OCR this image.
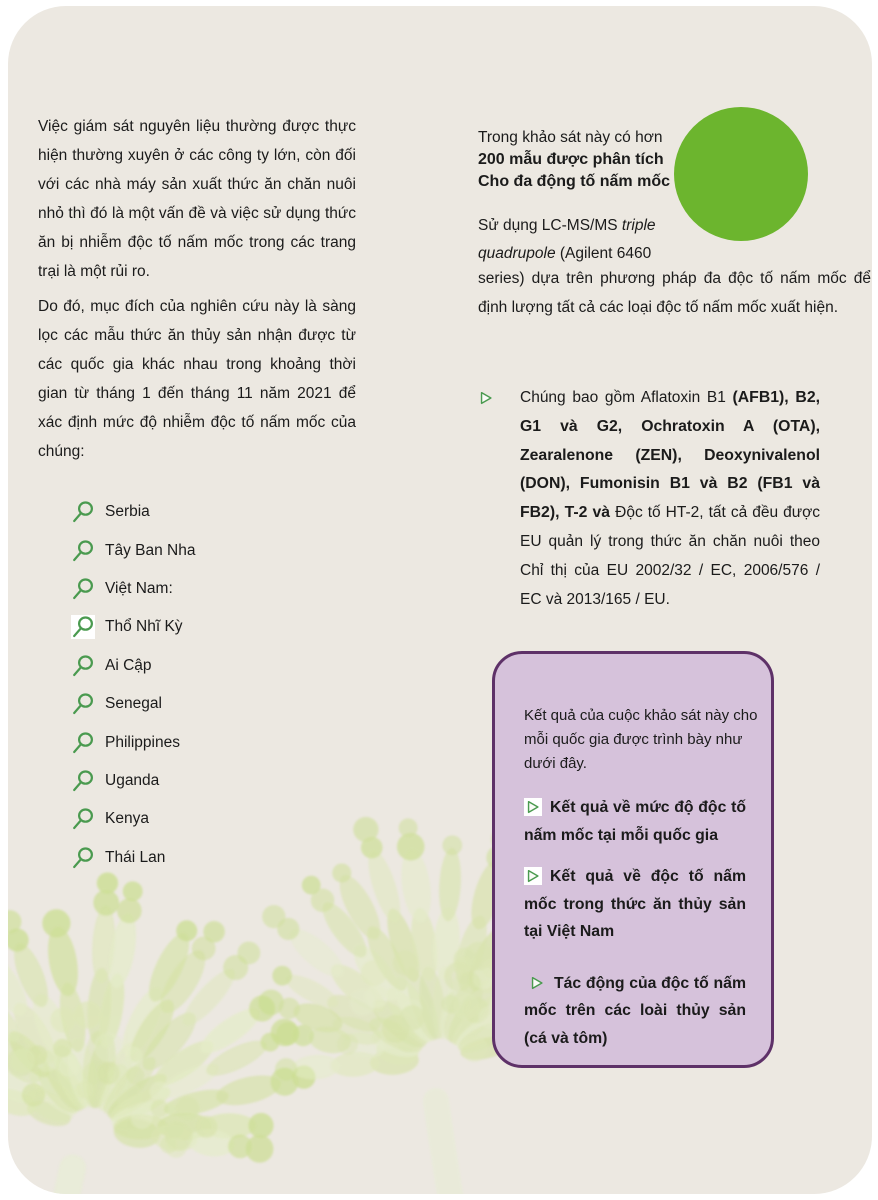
Việc giám sát nguyên liệu thường được thực hiện thường xuyên ở các công ty lớn, còn đối với các nhà máy sản xuất thức ăn chăn nuôi nhỏ thì đó là một vấn đề và việc sử dụng thức ăn bị nhiễm độc tố nấm mốc trong các trang trại là một rủi ro.

Do đó, mục đích của nghiên cứu này là sàng lọc các mẫu thức ăn thủy sản nhận được từ các quốc gia khác nhau trong khoảng thời gian từ tháng 1 đến tháng 11 năm 2021 để xác định mức độ nhiễm độc tố nấm mốc của chúng:

Serbia
Tây Ban Nha
Việt Nam:
Thổ Nhĩ Kỳ
Ai Cập
Senegal
Philippines
Uganda
Kenya
Thái Lan
Trong khảo sát này có hơn
200 mẫu được phân tích
Cho đa động tố nấm mốc
Sử dụng LC-MS/MS triple quadrupole (Agilent 6460
series) dựa trên phương pháp đa độc tố nấm mốc để định lượng tất cả các loại độc tố nấm mốc xuất hiện.
Chúng bao gồm Aflatoxin B1 (AFB1), B2, G1 và G2, Ochratoxin A (OTA), Zearalenone (ZEN), Deoxynivalenol (DON), Fumonisin B1 và B2 (FB1 và FB2), T-2 và Độc tố HT-2, tất cả đều được EU quản lý trong thức ăn chăn nuôi theo Chỉ thị của EU 2002/32 / EC, 2006/576 / EC và 2013/165 / EU.

Kết quả của cuộc khảo sát này cho mỗi quốc gia được trình bày như dưới đây.

Kết quả về mức độ độc tố nấm mốc tại mỗi quốc gia
Kết quả về độc tố nấm mốc trong thức ăn thủy sản tại Việt Nam
Tác động của độc tố nấm mốc trên các loài thủy sản (cá và tôm)
